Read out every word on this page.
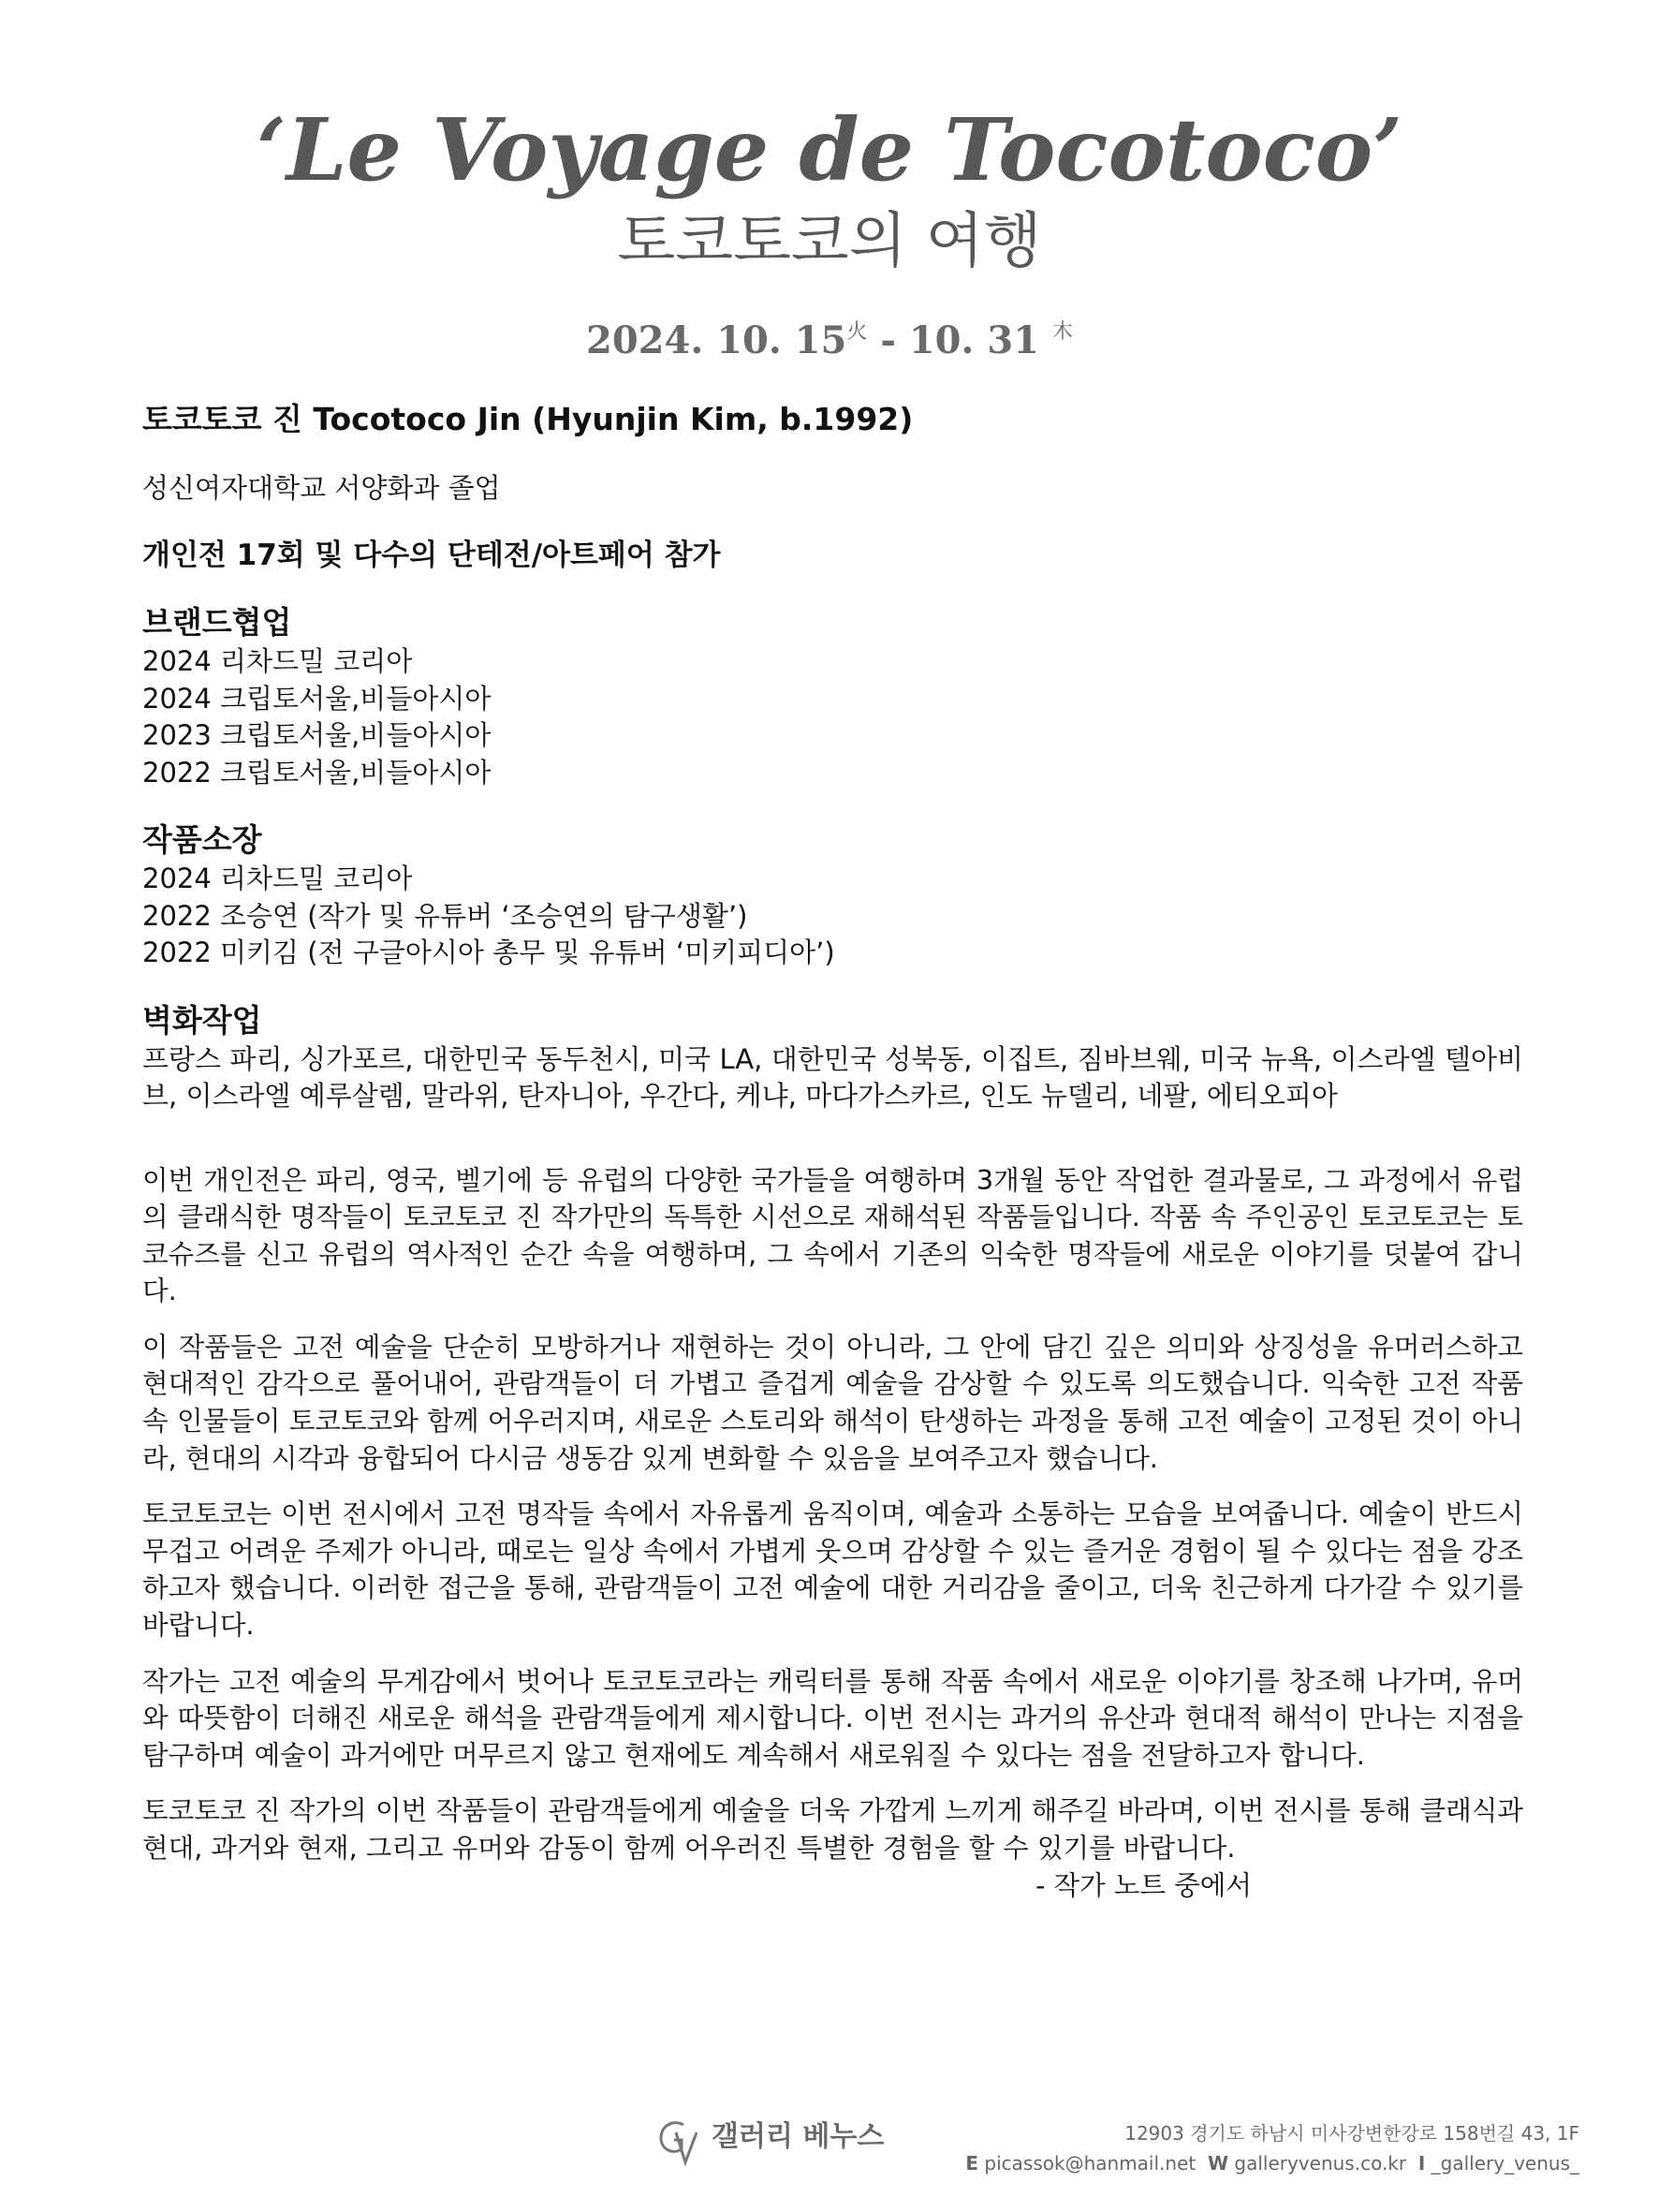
‘Le Voyage de Tocotoco’
토코토코의 여행
2024. 10. $15^火 - 10$. 31 $^木$
토코토코 진 Tocotoco Jin (Hyunjin Kim, b.1992)
성신여자대학교 서양화과 졸업
개인전 17회 및 다수의 단테전/아트페어 참가
브랜드협업
2024 리차드밀 코리아
2024 크립토서울,비들아시아
2023 크립토서울,비들아시아
2022 크립토서울,비들아시아
작품소장
2024 리차드밀 코리아
2022 조승연 (작가 및 유튜버 ‘조승연의 탐구생활’)
2022 미키김 (전 구글아시아 총무 및 유튜버 ‘미키피디아’)
벽화작업
프랑스 파리, 싱가포르, 대한민국 동두천시, 미국 LA, 대한민국 성북동, 이집트, 짐바브웨, 미국 뉴욕, 이스라엘 텔아비브, 이스라엘 예루살렘, 말라위, 탄자니아, 우간다, 케냐, 마다가스카르, 인도 뉴델리, 네팔, 에티오피아

이번 개인전은 파리, 영국, 벨기에 등 유럽의 다양한 국가들을 여행하며 3개월 동안 작업한 결과물로, 그 과정에서 유럽의 클래식한 명작들이 토코토코 진 작가만의 독특한 시선으로 재해석된 작품들입니다. 작품 속 주인공인 토코토코는 토코슈즈를 신고 유럽의 역사적인 순간 속을 여행하며, 그 속에서 기존의 익숙한 명작들에 새로운 이야기를 덧붙여 갑니다.

이 작품들은 고전 예술을 단순히 모방하거나 재현하는 것이 아니라, 그 안에 담긴 깊은 의미와 상징성을 유머러스하고 현대적인 감각으로 풀어내어, 관람객들이 더 가볍고 즐겁게 예술을 감상할 수 있도록 의도했습니다. 익숙한 고전 작품 속 인물들이 토코토코와 함께 어우러지며, 새로운 스토리와 해석이 탄생하는 과정을 통해 고전 예술이 고정된 것이 아니라, 현대의 시각과 융합되어 다시금 생동감 있게 변화할 수 있음을 보여주고자 했습니다.

토코토코는 이번 전시에서 고전 명작들 속에서 자유롭게 움직이며, 예술과 소통하는 모습을 보여줍니다. 예술이 반드시 무겁고 어려운 주제가 아니라, 때로는 일상 속에서 가볍게 웃으며 감상할 수 있는 즐거운 경험이 될 수 있다는 점을 강조하고자 했습니다. 이러한 접근을 통해, 관람객들이 고전 예술에 대한 거리감을 줄이고, 더욱 친근하게 다가갈 수 있기를 바랍니다.

작가는 고전 예술의 무게감에서 벗어나 토코토코라는 캐릭터를 통해 작품 속에서 새로운 이야기를 창조해 나가며, 유머와 따뜻함이 더해진 새로운 해석을 관람객들에게 제시합니다. 이번 전시는 과거의 유산과 현대적 해석이 만나는 지점을 탐구하며 예술이 과거에만 머무르지 않고 현재에도 계속해서 새로워질 수 있다는 점을 전달하고자 합니다.

토코토코 진 작가의 이번 작품들이 관람객들에게 예술을 더욱 가깝게 느끼게 해주길 바라며, 이번 전시를 통해 클래식과 현대, 과거와 현재, 그리고 유머와 감동이 함께 어우러진 특별한 경험을 할 수 있기를 바랍니다.
- 작가 노트 중에서

갤러리 베누스	12903 경기도 하남시 미사강변한강로 158번길 43, 1F
E picassok@hanmail.net W galleryvenus.co.kr I _gallery_venus_
